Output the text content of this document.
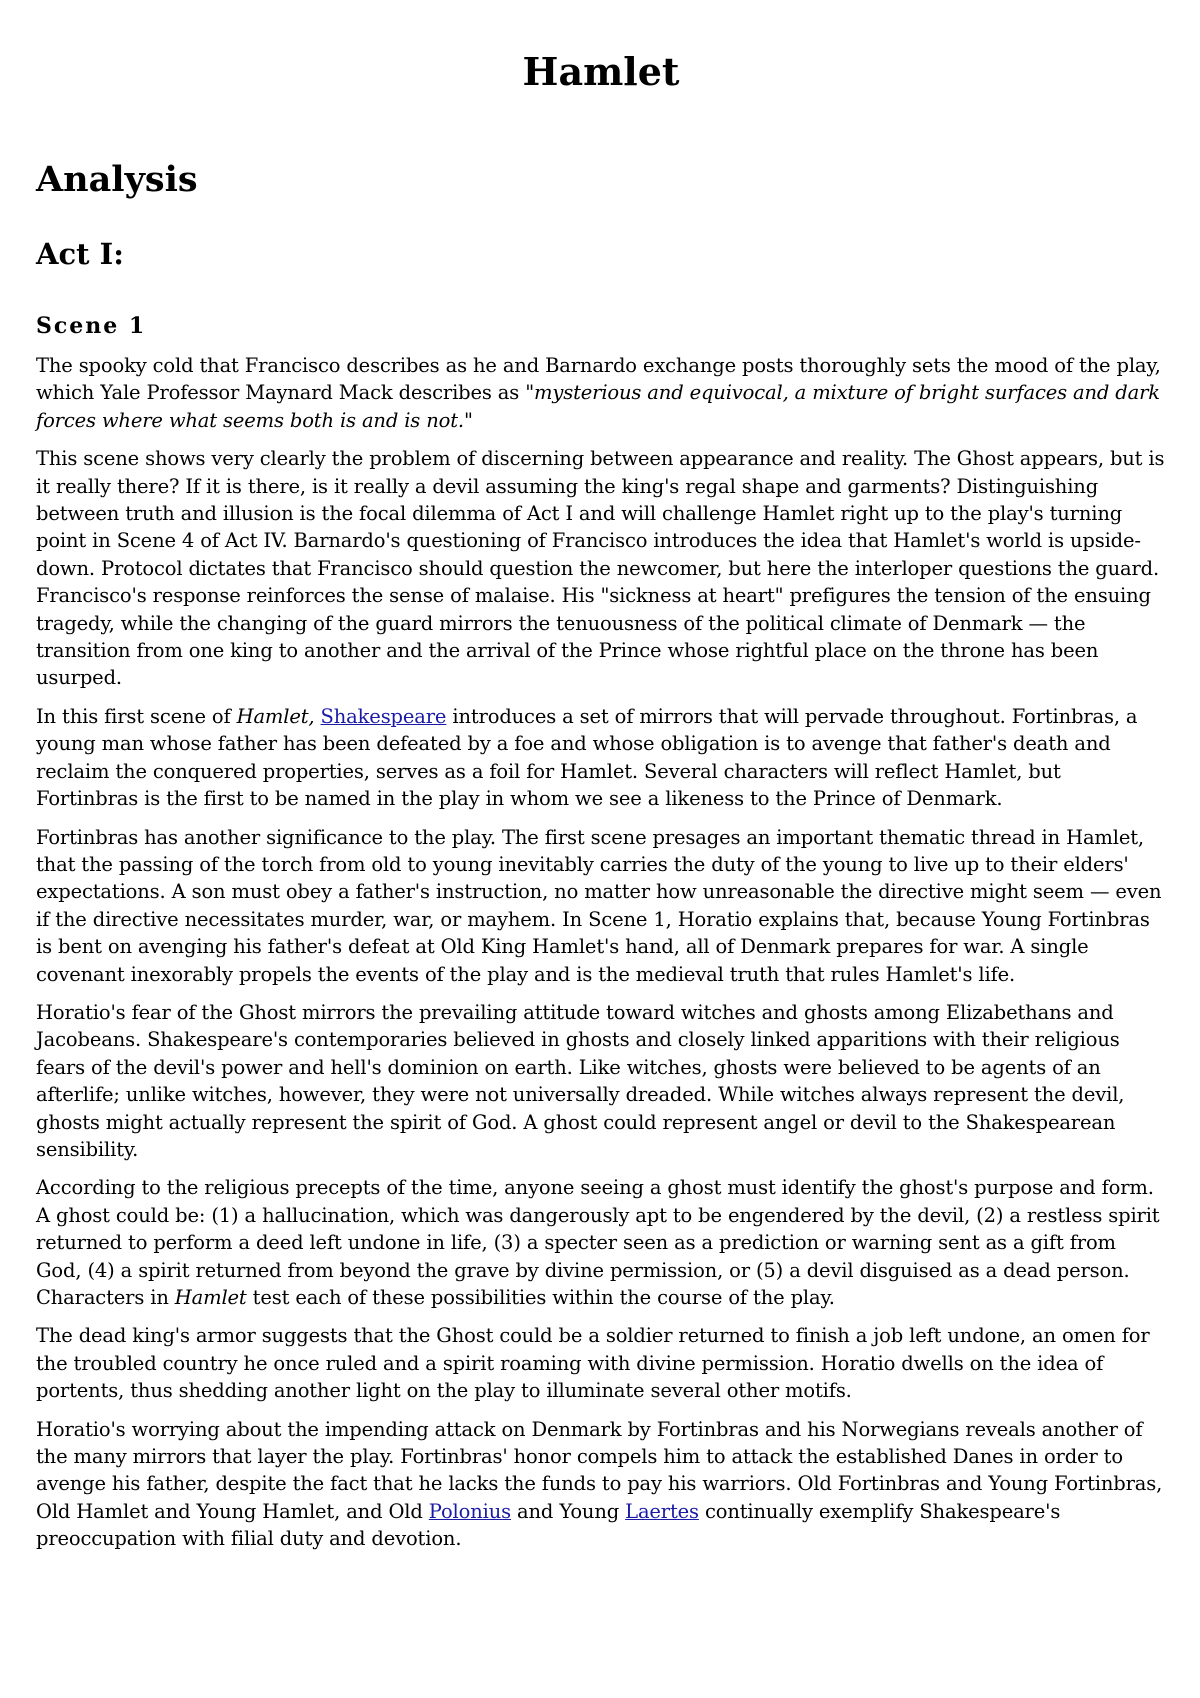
Hamlet
Analysis
Act I:
Scene 1

The spooky cold that Francisco describes as he and Barnardo exchange posts thoroughly sets the mood of the play, which Yale Professor Maynard Mack describes as "mysterious and equivocal, a mixture of bright surfaces and dark forces where what seems both is and is not."

This scene shows very clearly the problem of discerning between appearance and reality. The Ghost appears, but is it really there? If it is there, is it really a devil assuming the king's regal shape and garments? Distinguishing between truth and illusion is the focal dilemma of Act I and will challenge Hamlet right up to the play's turning point in Scene 4 of Act IV. Barnardo's questioning of Francisco introduces the idea that Hamlet's world is upside-down. Protocol dictates that Francisco should question the newcomer, but here the interloper questions the guard. Francisco's response reinforces the sense of malaise. His "sickness at heart" prefigures the tension of the ensuing tragedy, while the changing of the guard mirrors the tenuousness of the political climate of Denmark — the transition from one king to another and the arrival of the Prince whose rightful place on the throne has been usurped.

In this first scene of Hamlet, Shakespeare introduces a set of mirrors that will pervade throughout. Fortinbras, a young man whose father has been defeated by a foe and whose obligation is to avenge that father's death and reclaim the conquered properties, serves as a foil for Hamlet. Several characters will reflect Hamlet, but Fortinbras is the first to be named in the play in whom we see a likeness to the Prince of Denmark.

Fortinbras has another significance to the play. The first scene presages an important thematic thread in Hamlet, that the passing of the torch from old to young inevitably carries the duty of the young to live up to their elders' expectations. A son must obey a father's instruction, no matter how unreasonable the directive might seem — even if the directive necessitates murder, war, or mayhem. In Scene 1, Horatio explains that, because Young Fortinbras is bent on avenging his father's defeat at Old King Hamlet's hand, all of Denmark prepares for war. A single covenant inexorably propels the events of the play and is the medieval truth that rules Hamlet's life.

Horatio's fear of the Ghost mirrors the prevailing attitude toward witches and ghosts among Elizabethans and Jacobeans. Shakespeare's contemporaries believed in ghosts and closely linked apparitions with their religious fears of the devil's power and hell's dominion on earth. Like witches, ghosts were believed to be agents of an afterlife; unlike witches, however, they were not universally dreaded. While witches always represent the devil, ghosts might actually represent the spirit of God. A ghost could represent angel or devil to the Shakespearean sensibility.

According to the religious precepts of the time, anyone seeing a ghost must identify the ghost's purpose and form. A ghost could be: (1) a hallucination, which was dangerously apt to be engendered by the devil, (2) a restless spirit returned to perform a deed left undone in life, (3) a specter seen as a prediction or warning sent as a gift from God, (4) a spirit returned from beyond the grave by divine permission, or (5) a devil disguised as a dead person. Characters in Hamlet test each of these possibilities within the course of the play.

The dead king's armor suggests that the Ghost could be a soldier returned to finish a job left undone, an omen for the troubled country he once ruled and a spirit roaming with divine permission. Horatio dwells on the idea of portents, thus shedding another light on the play to illuminate several other motifs.

Horatio's worrying about the impending attack on Denmark by Fortinbras and his Norwegians reveals another of the many mirrors that layer the play. Fortinbras' honor compels him to attack the established Danes in order to avenge his father, despite the fact that he lacks the funds to pay his warriors. Old Fortinbras and Young Fortinbras, Old Hamlet and Young Hamlet, and Old Polonius and Young Laertes continually exemplify Shakespeare's preoccupation with filial duty and devotion.
